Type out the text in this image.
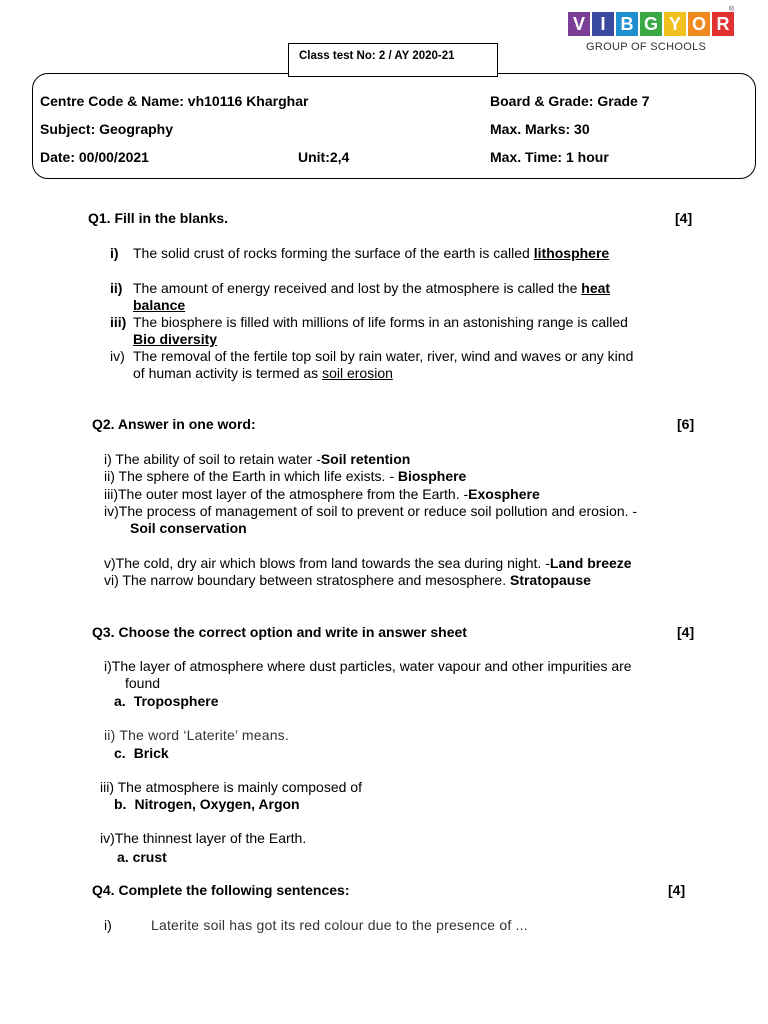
V I B G Y O R
®
GROUP OF SCHOOLS
Class test No: 2 / AY 2020-21
Centre Code & Name: vh10116 Kharghar	Board & Grade: Grade 7
Subject: Geography	Max. Marks: 30
Date: 00/00/2021	Unit:2,4	Max. Time: 1 hour
Q1. Fill in the blanks.	[4]
i) The solid crust of rocks forming the surface of the earth is called lithosphere
ii) The amount of energy received and lost by the atmosphere is called the heat
balance
iii) The biosphere is filled with millions of life forms in an astonishing range is called
Bio diversity
iv) The removal of the fertile top soil by rain water, river, wind and waves or any kind
of human activity is termed as soil erosion
Q2. Answer in one word:	[6]
i) The ability of soil to retain water -Soil retention
ii) The sphere of the Earth in which life exists. - Biosphere
iii)The outer most layer of the atmosphere from the Earth. -Exosphere
iv)The process of management of soil to prevent or reduce soil pollution and erosion. -
Soil conservation
v)The cold, dry air which blows from land towards the sea during night. -Land breeze
vi) The narrow boundary between stratosphere and mesosphere. Stratopause
Q3. Choose the correct option and write in answer sheet	[4]
i)The layer of atmosphere where dust particles, water vapour and other impurities are
found
a. Troposphere
ii) The word ‘Laterite’ means.
c. Brick
iii) The atmosphere is mainly composed of
b. Nitrogen, Oxygen, Argon
iv)The thinnest layer of the Earth.
a. crust
Q4. Complete the following sentences:	[4]
i)	Laterite soil has got its red colour due to the presence of ...
